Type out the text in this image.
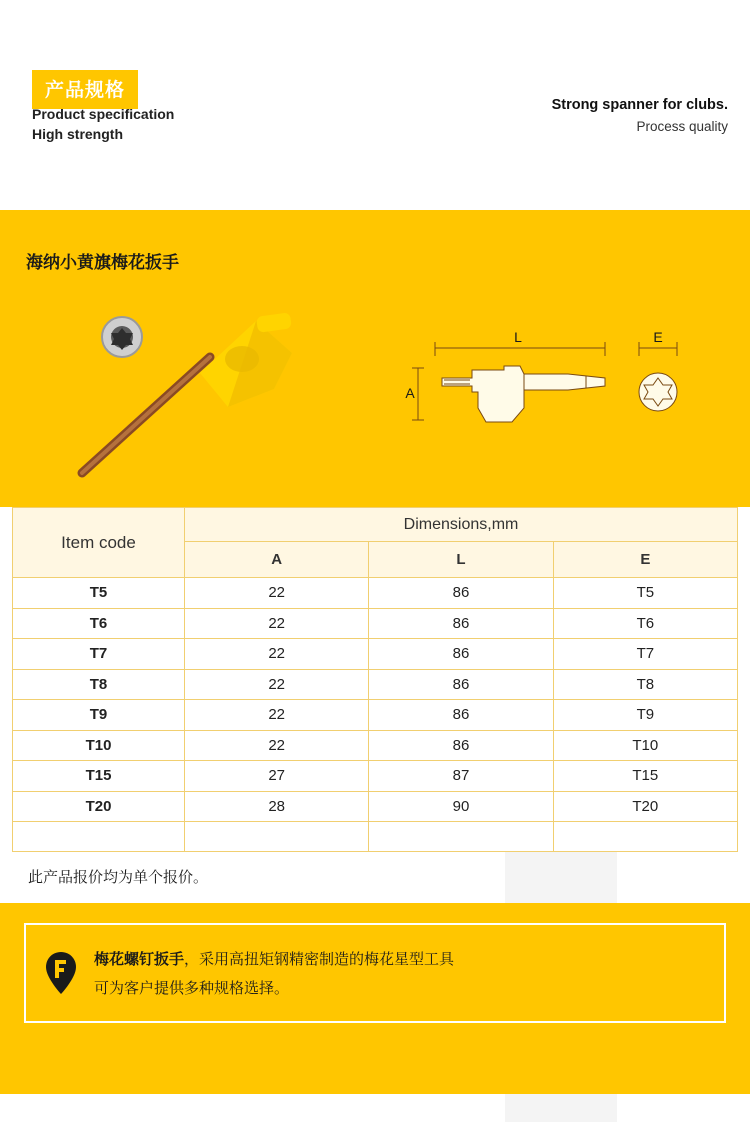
产品规格
Product specification
High strength
Strong spanner for clubs.
Process quality
海纳小黄旗梅花扳手
L
A
E
Item code	Dimensions,mm		
	A	L	E
T5	22	86	T5
T6	22	86	T6
T7	22	86	T7
T8	22	86	T8
T9	22	86	T9
T10	22	86	T10
T15	27	87	T15
T20	28	90	T20

此产品报价均为单个报价。
梅花螺钉扳手，采用高扭矩钢精密制造的梅花星型工具
可为客户提供多种规格选择。
